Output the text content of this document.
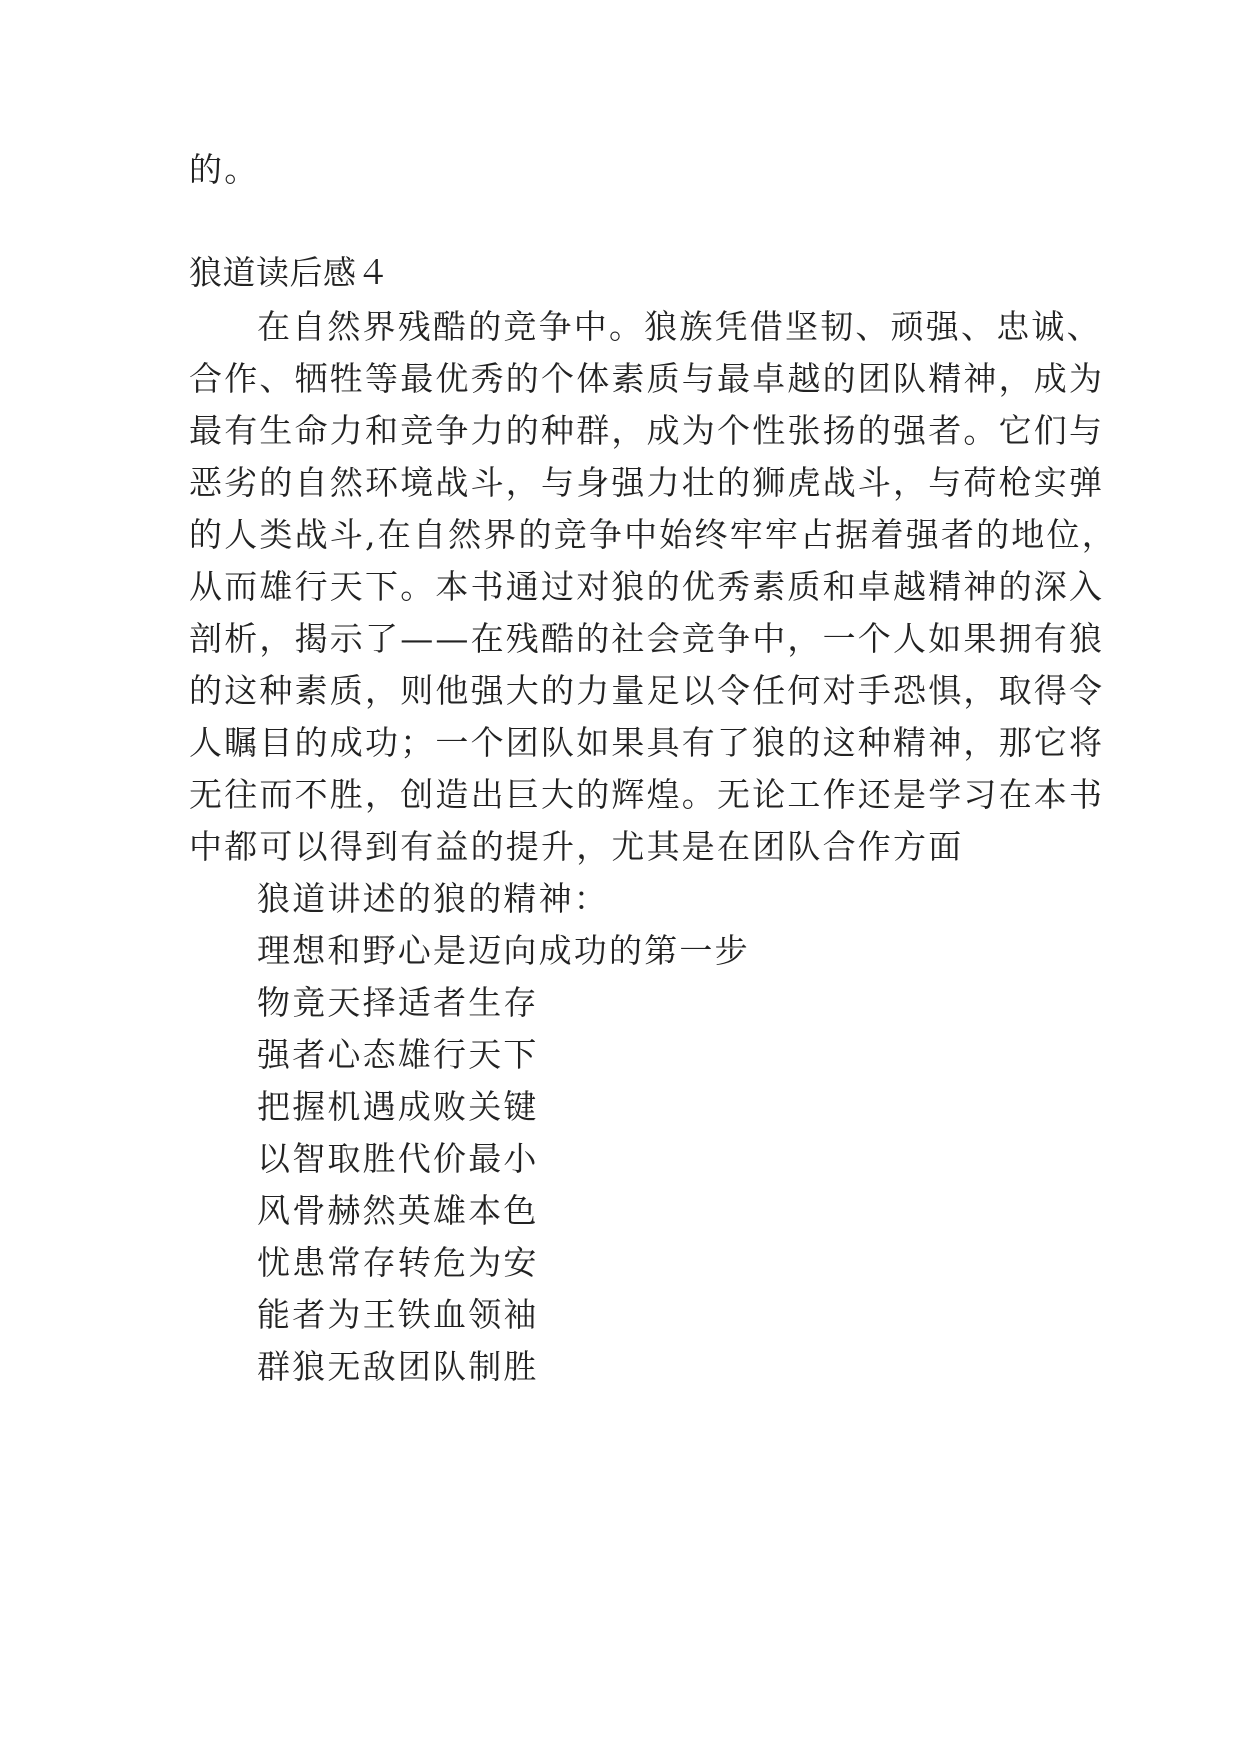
的。
狼道读后感４
在自然界残酷的竞争中。狼族凭借坚韧、顽强、忠诚、
合作、牺牲等最优秀的个体素质与最卓越的团队精神，成为
最有生命力和竞争力的种群，成为个性张扬的强者。它们与
恶劣的自然环境战斗，与身强力壮的狮虎战斗，与荷枪实弹
的人类战斗,在自然界的竞争中始终牢牢占据着强者的地位，
从而雄行天下。本书通过对狼的优秀素质和卓越精神的深入
剖析，揭示了——在残酷的社会竞争中，一个人如果拥有狼
的这种素质，则他强大的力量足以令任何对手恐惧，取得令
人瞩目的成功；一个团队如果具有了狼的这种精神，那它将
无往而不胜，创造出巨大的辉煌。无论工作还是学习在本书
中都可以得到有益的提升，尤其是在团队合作方面
狼道讲述的狼的精神：
理想和野心是迈向成功的第一步
物竟天择适者生存
强者心态雄行天下
把握机遇成败关键
以智取胜代价最小
风骨赫然英雄本色
忧患常存转危为安
能者为王铁血领袖
群狼无敌团队制胜
